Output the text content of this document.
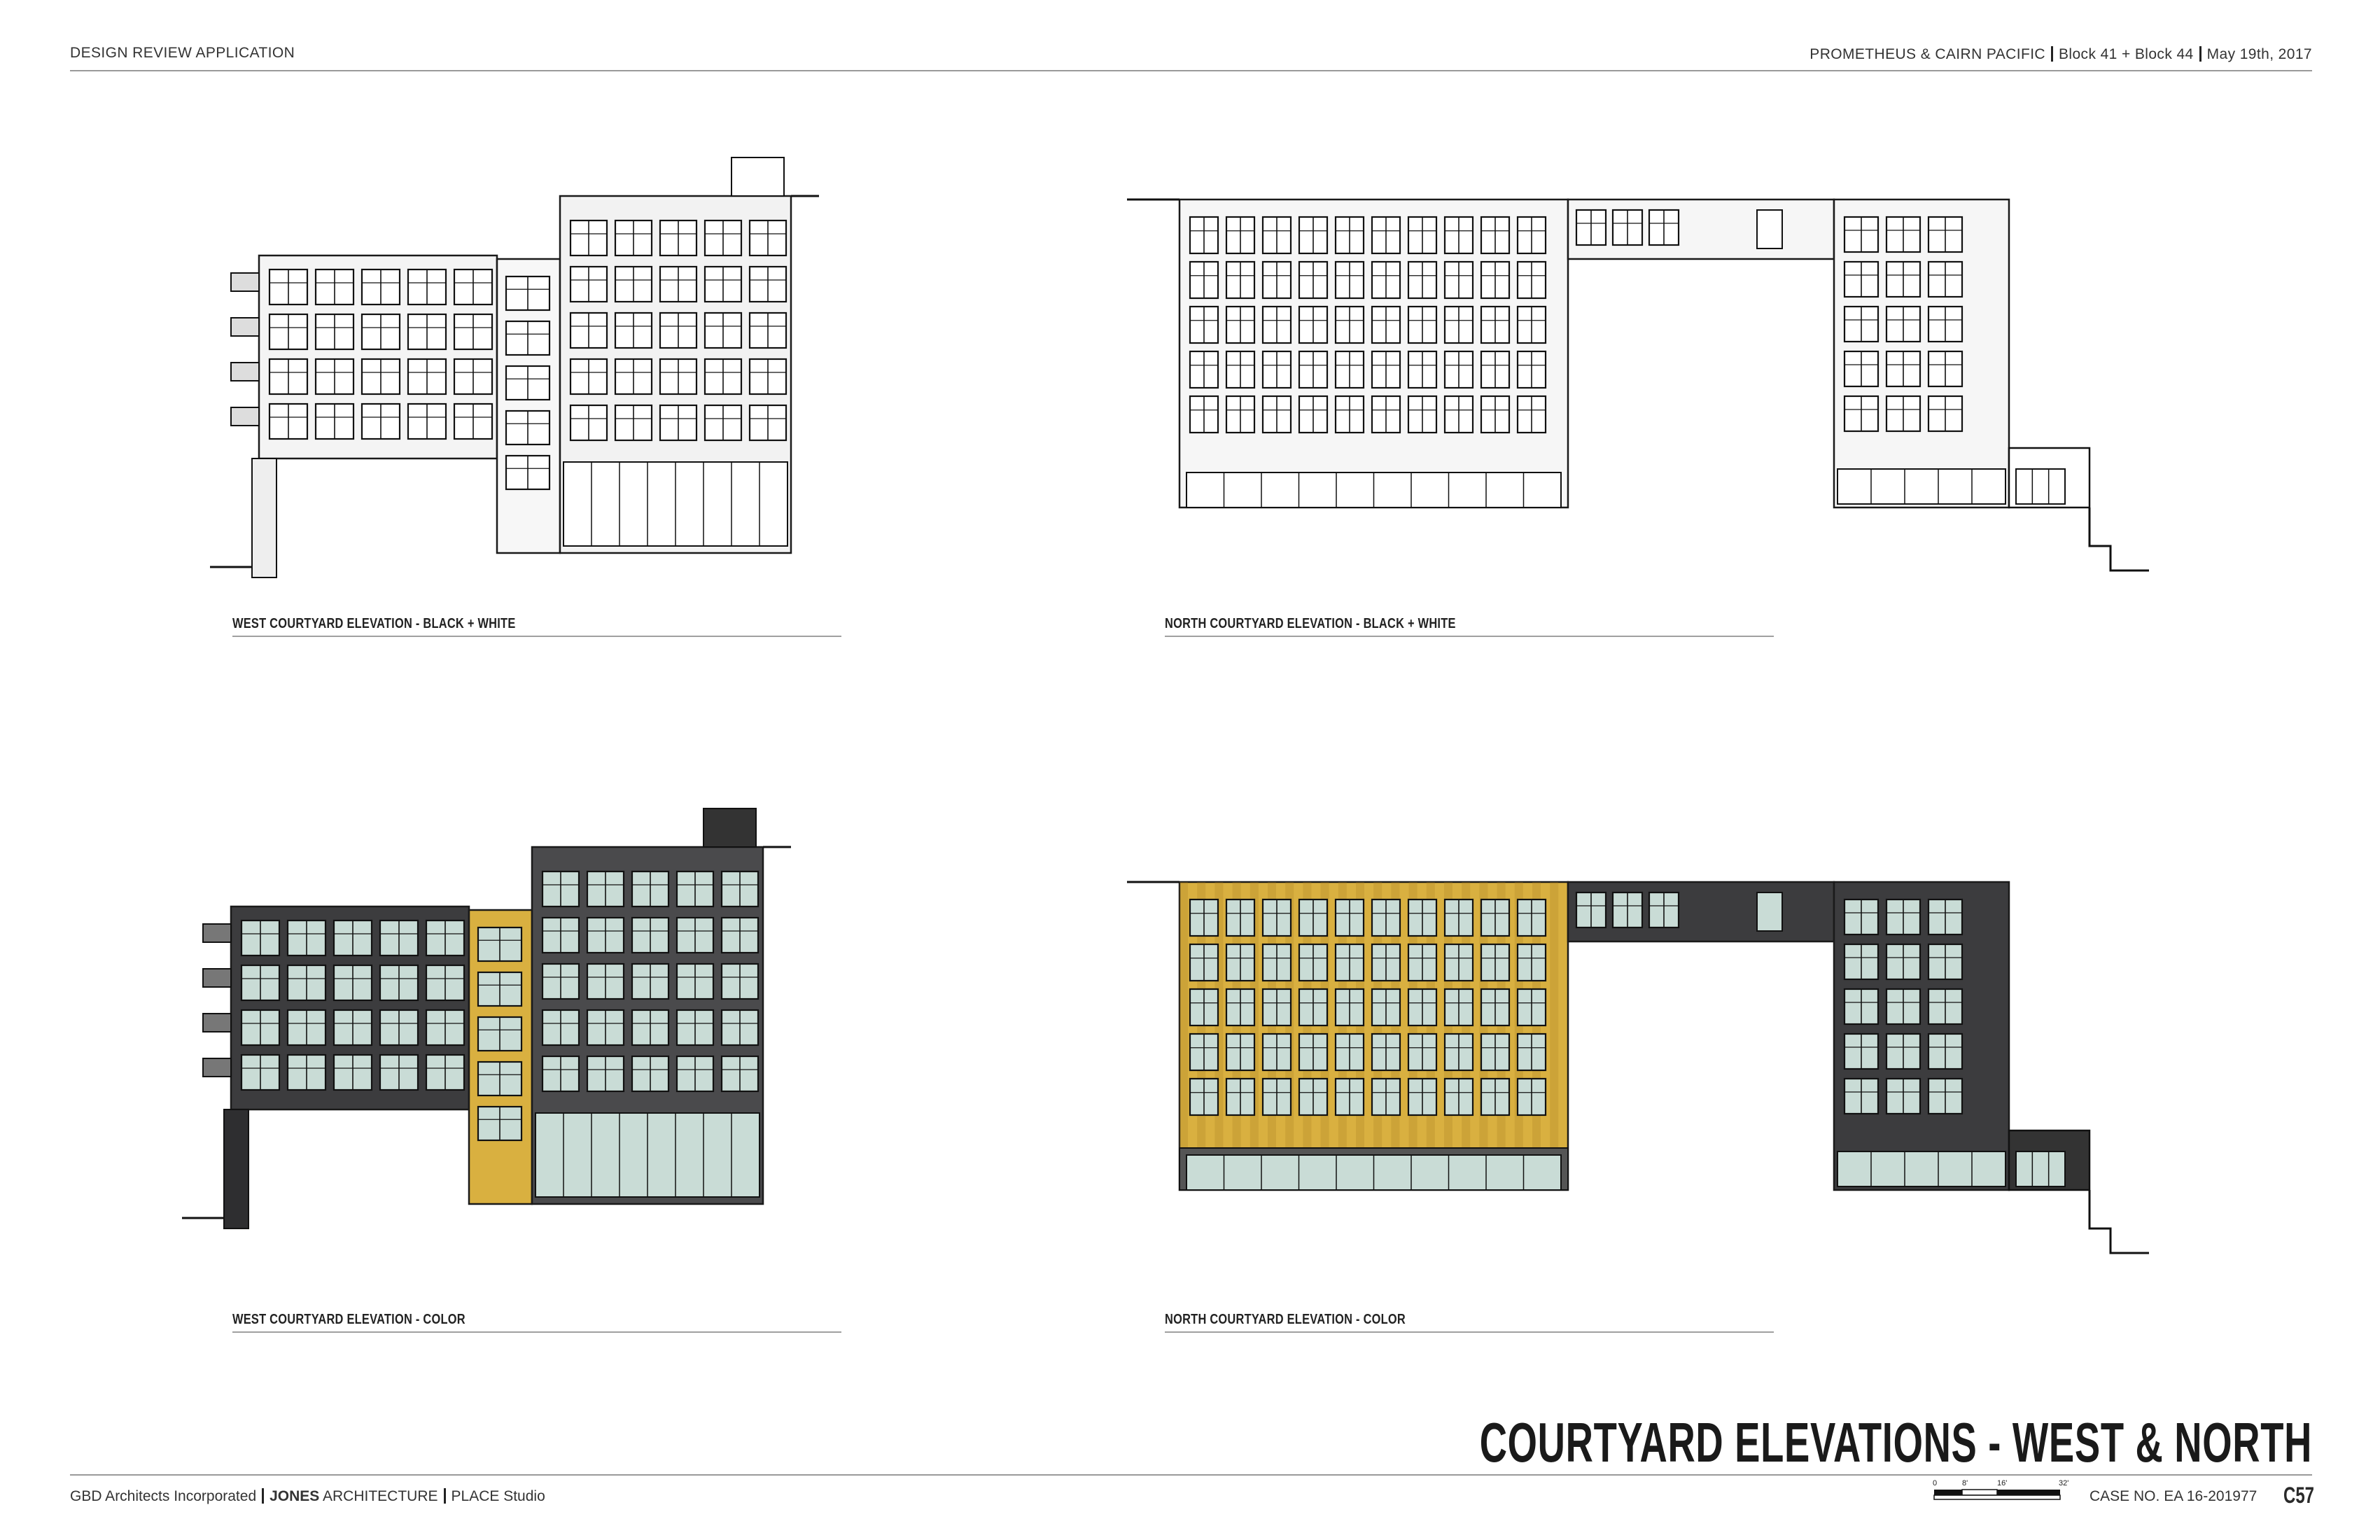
DESIGN REVIEW APPLICATION	PROMETHEUS & CAIRN PACIFIC Block 41 + Block 44 May 19th, 2017
WEST COURTYARD ELEVATION - BLACK + WHITE	NORTH COURTYARD ELEVATION - BLACK + WHITE
WEST COURTYARD ELEVATION - COLOR	NORTH COURTYARD ELEVATION - COLOR
COURTYARD ELEVATIONS - WEST & NORTH
GBD Architects Incorporated JONES ARCHITECTURE PLACE Studio
0	8'	16'	32'
CASE NO. EA 16-201977 C57
